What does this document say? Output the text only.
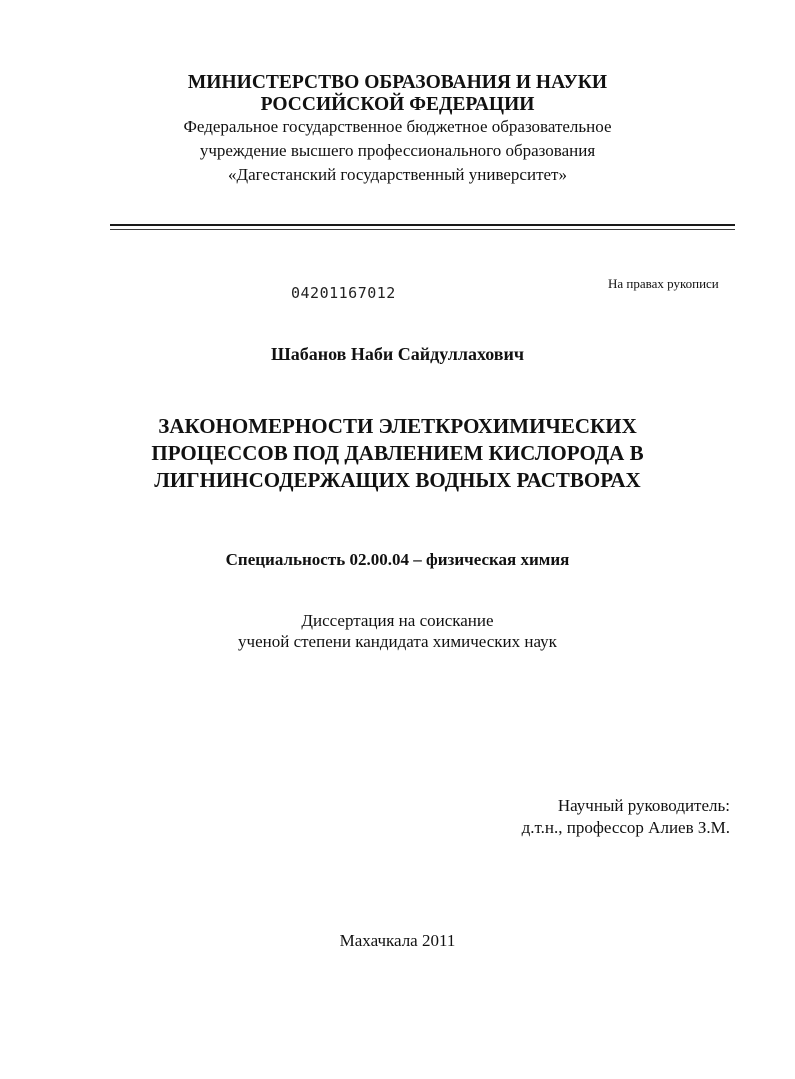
МИНИСТЕРСТВО ОБРАЗОВАНИЯ И НАУКИ
РОССИЙСКОЙ ФЕДЕРАЦИИ
Федеральное государственное бюджетное образовательное
учреждение высшего профессионального образования
«Дагестанский государственный университет»
04201167012
На правах рукописи
Шабанов Наби Сайдуллахович
ЗАКОНОМЕРНОСТИ ЭЛЕТКРОХИМИЧЕСКИХ
ПРОЦЕССОВ ПОД ДАВЛЕНИЕМ КИСЛОРОДА В
ЛИГНИНСОДЕРЖАЩИХ ВОДНЫХ РАСТВОРАХ
Специальность 02.00.04 – физическая химия
Диссертация на соискание
ученой степени кандидата химических наук
Научный руководитель:
д.т.н., профессор Алиев З.М.
Махачкала 2011
